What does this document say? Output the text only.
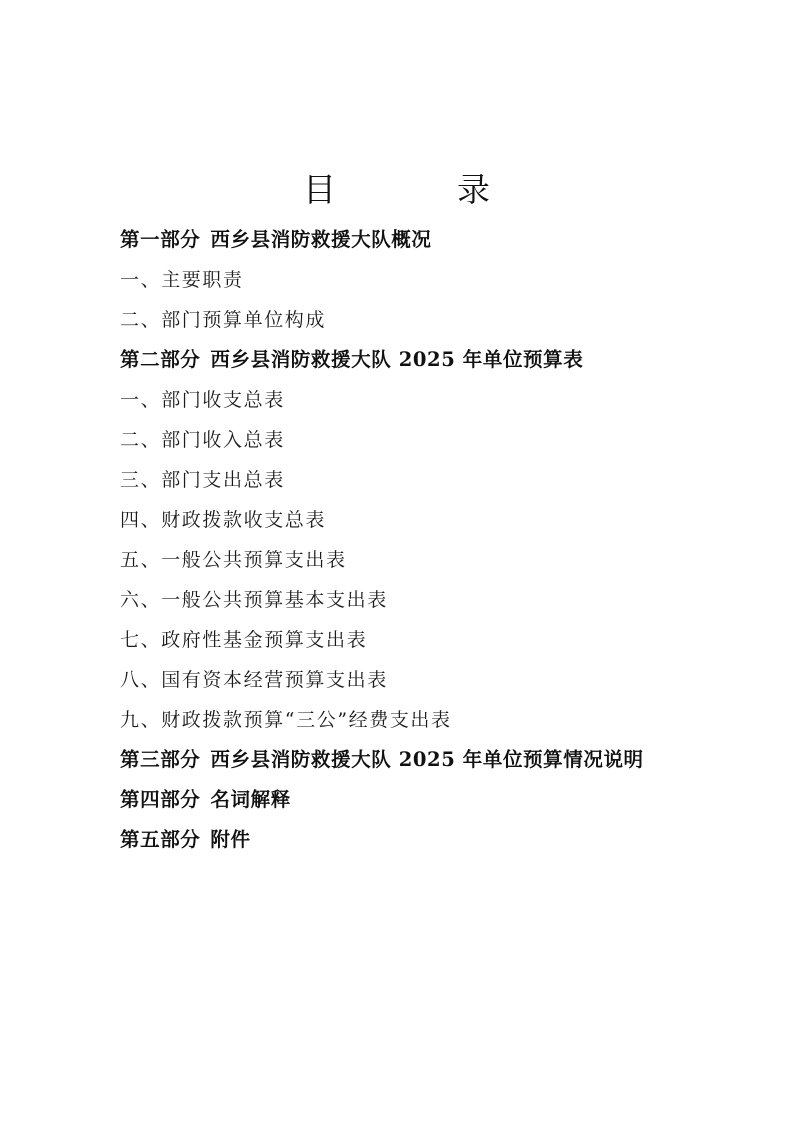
目　录
第一部分 西乡县消防救援大队概况
一、主要职责
二、部门预算单位构成
第二部分 西乡县消防救援大队 2025 年单位预算表
一、部门收支总表
二、部门收入总表
三、部门支出总表
四、财政拨款收支总表
五、一般公共预算支出表
六、一般公共预算基本支出表
七、政府性基金预算支出表
八、国有资本经营预算支出表
九、财政拨款预算“三公”经费支出表
第三部分 西乡县消防救援大队 2025 年单位预算情况说明
第四部分 名词解释
第五部分 附件
